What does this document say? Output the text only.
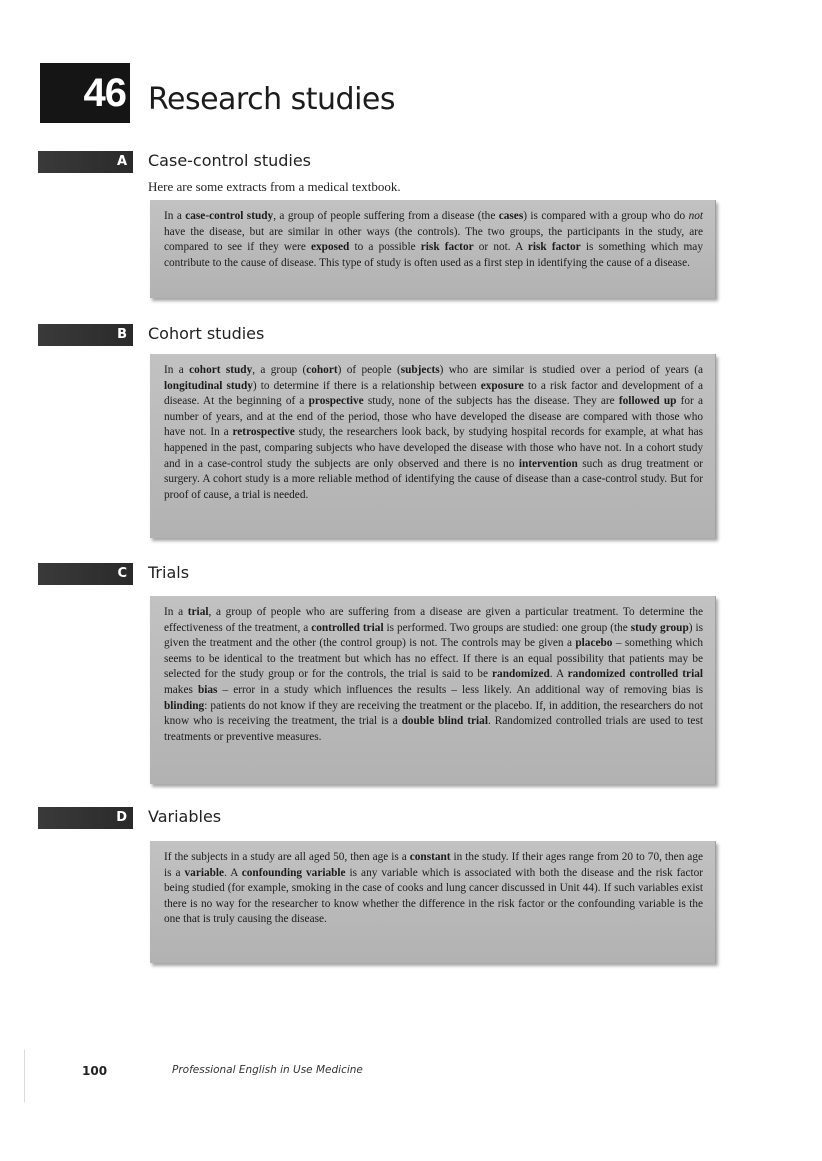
46 Research studies
A	Case-control studies
Here are some extracts from a medical textbook.

In a case-control study, a group of people suffering from a disease (the cases) is compared with a group who do not have the disease, but are similar in other ways (the controls). The two groups, the participants in the study, are compared to see if they were exposed to a possible risk factor or not. A risk factor is something which may contribute to the cause of disease. This type of study is often used as a first step in identifying the cause of a disease.

B	Cohort studies

In a cohort study, a group (cohort) of people (subjects) who are similar is studied over a period of years (a longitudinal study) to determine if there is a relationship between exposure to a risk factor and development of a disease. At the beginning of a prospective study, none of the subjects has the disease. They are followed up for a number of years, and at the end of the period, those who have developed the disease are compared with those who have not. In a retrospective study, the researchers look back, by studying hospital records for example, at what has happened in the past, comparing subjects who have developed the disease with those who have not. In a cohort study and in a case-control study the subjects are only observed and there is no intervention such as drug treatment or surgery. A cohort study is a more reliable method of identifying the cause of disease than a case-control study. But for proof of cause, a trial is needed.

C	Trials

In a trial, a group of people who are suffering from a disease are given a particular treatment. To determine the effectiveness of the treatment, a controlled trial is performed. Two groups are studied: one group (the study group) is given the treatment and the other (the control group) is not. The controls may be given a placebo – something which seems to be identical to the treatment but which has no effect. If there is an equal possibility that patients may be selected for the study group or for the controls, the trial is said to be randomized. A randomized controlled trial makes bias – error in a study which influences the results – less likely. An additional way of removing bias is blinding: patients do not know if they are receiving the treatment or the placebo. If, in addition, the researchers do not know who is receiving the treatment, the trial is a double blind trial. Randomized controlled trials are used to test treatments or preventive measures.

D	Variables

If the subjects in a study are all aged 50, then age is a constant in the study. If their ages range from 20 to 70, then age is a variable. A confounding variable is any variable which is associated with both the disease and the risk factor being studied (for example, smoking in the case of cooks and lung cancer discussed in Unit 44). If such variables exist there is no way for the researcher to know whether the difference in the risk factor or the confounding variable is the one that is truly causing the disease.

100	Professional English in Use Medicine
